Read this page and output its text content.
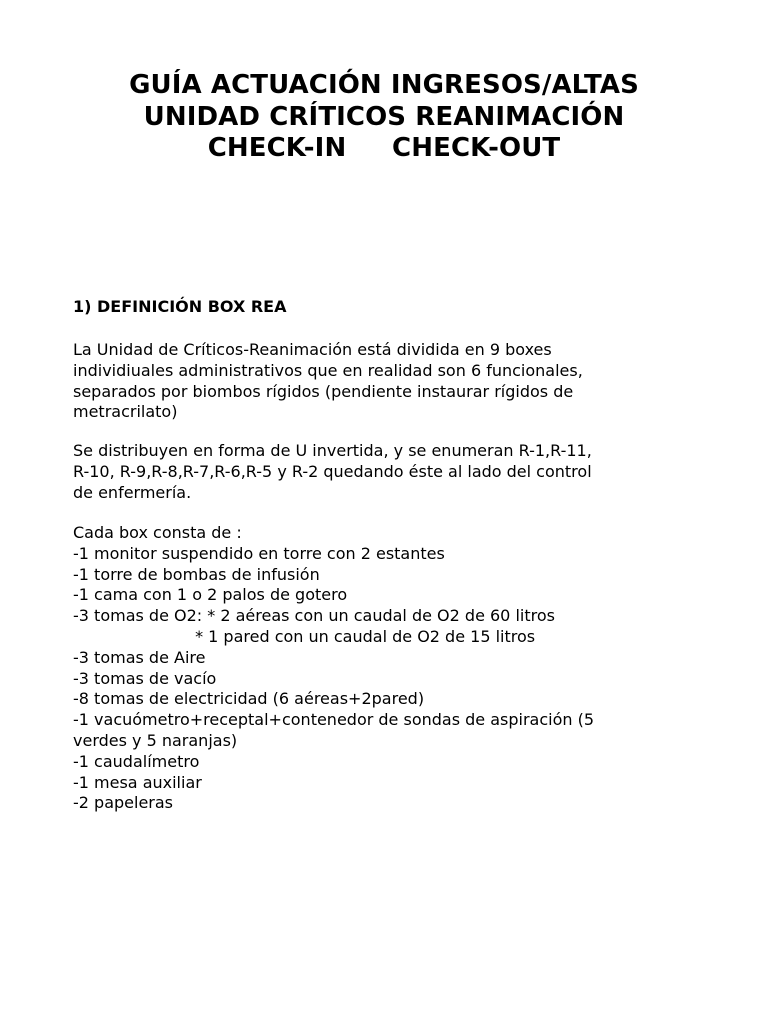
GUÍA ACTUACIÓN INGRESOS/ALTAS
UNIDAD CRÍTICOS REANIMACIÓN
CHECK-IN     CHECK-OUT
1) DEFINICIÓN BOX REA
La Unidad de Críticos-Reanimación está dividida en 9 boxes
individiuales administrativos que en realidad son 6 funcionales,
separados por biombos rígidos (pendiente instaurar rígidos de
metracrilato)
Se distribuyen en forma de U invertida, y se enumeran R-1,R-11,
R-10, R-9,R-8,R-7,R-6,R-5 y R-2 quedando éste al lado del control
de enfermería.
Cada box consta de :
-1 monitor suspendido en torre con 2 estantes
-1 torre de bombas de infusión
-1 cama con 1 o 2 palos de gotero
-3 tomas de O2: * 2 aéreas con un caudal de O2 de 60 litros
* 1 pared con un caudal de O2 de 15 litros
-3 tomas de Aire
-3 tomas de vacío
-8 tomas de electricidad (6 aéreas+2pared)
-1 vacuómetro+receptal+contenedor de sondas de aspiración (5
verdes y 5 naranjas)
-1 caudalímetro
-1 mesa auxiliar
-2 papeleras
